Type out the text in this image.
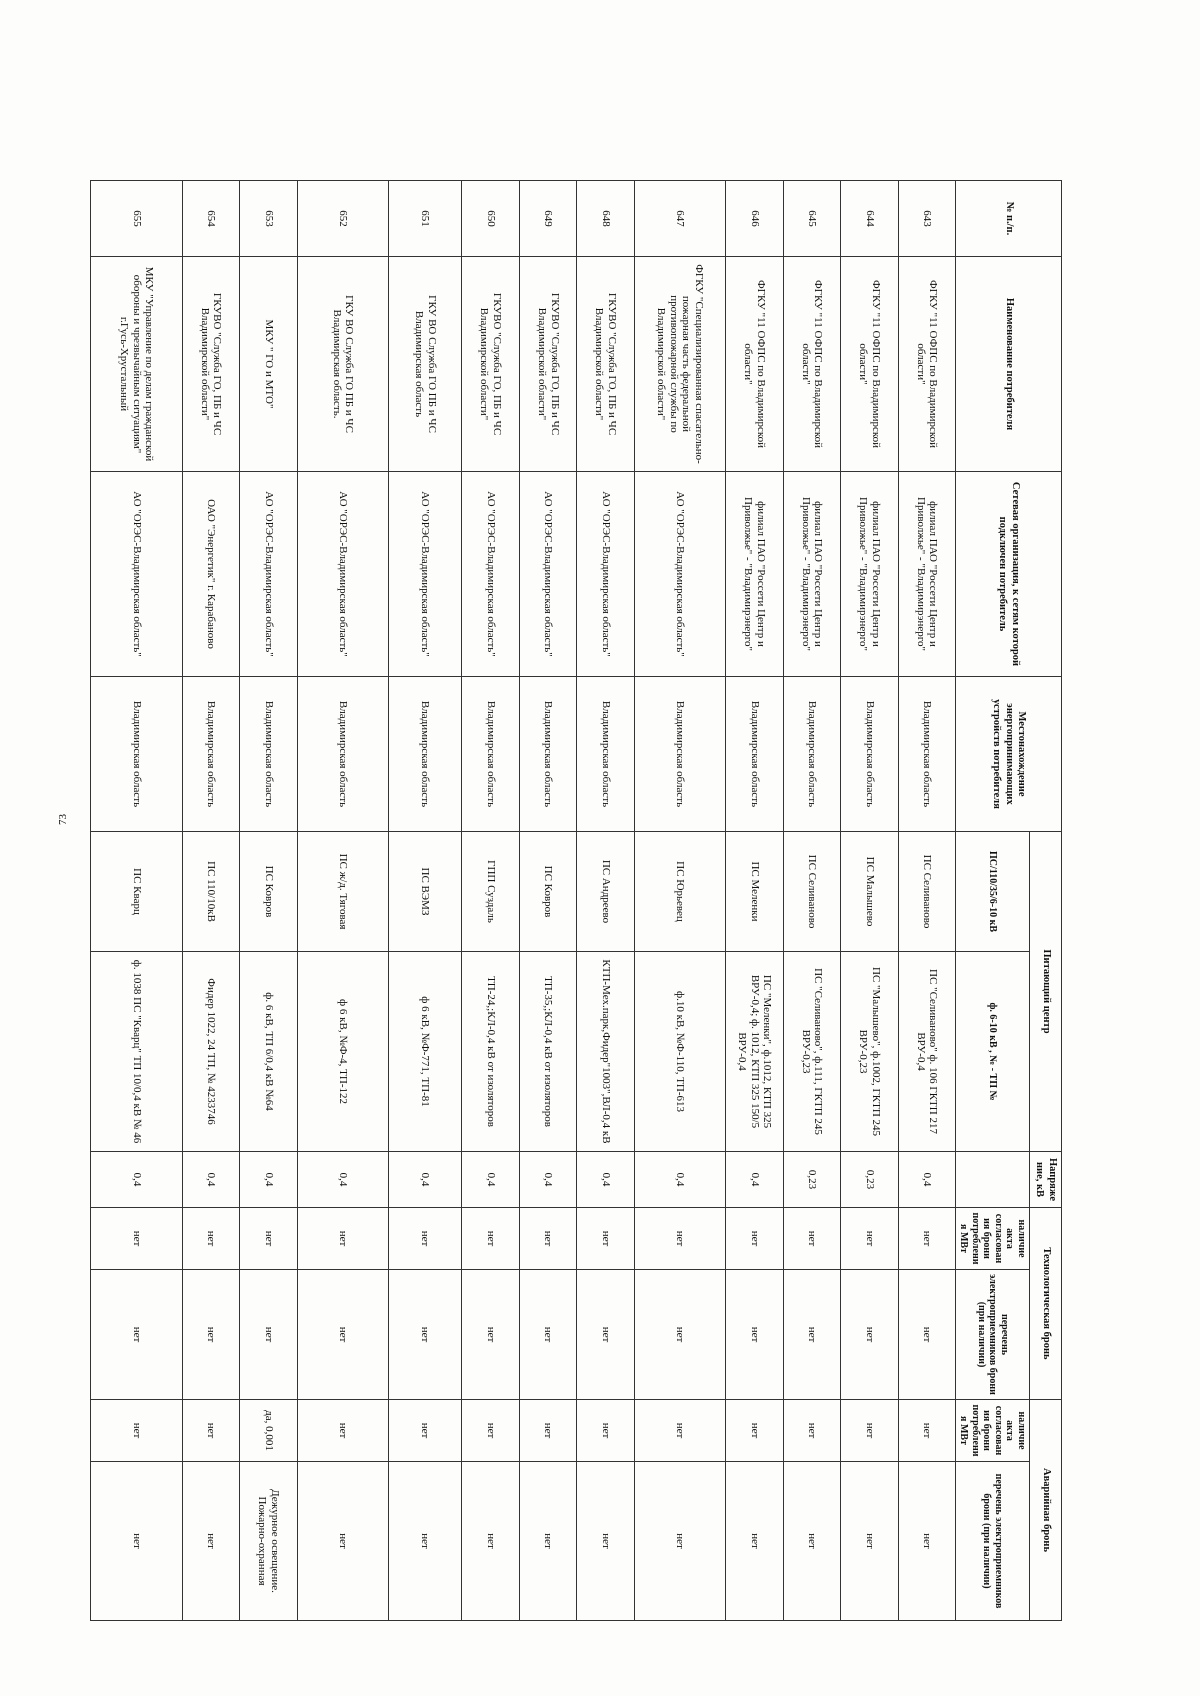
73
№ п./п.	Наименование потребителя	Сетевая организация, к сетям которой подключен потребитель	Местонахождение энергопринимающих устройств потребителя	Питающий центр		Напряжение, кВ	Технологическая бронь		Аварийная бронь	
				ПС/110/35/6-10 кВ	ф. 6-10 кВ , № - ТП №		наличие акта согласования брони потребления МВт	перечень электроприемников брони (при наличии)	наличие акта согласования брони потребления МВт	перечень электроприемников брони (при наличии)
643	ФГКУ "11 ОФПС по Владимирской области"	филиал ПАО "Россети Центр и Приволжье" - "Владимирэнерго"	Владимирская область	ПС Селиваново	ПС "Селиваново" ф. 106 ГКТП 217 ВРУ-0,4	0,4	нет	нет	нет	нет
644	ФГКУ "11 ОФПС по Владимирской области"	филиал ПАО "Россети Центр и Приволжье" - "Владимирэнерго"	Владимирская область	ПС Малышево	ПС "Малышево", ф.1002, ГКТП 245 ВРУ-0,23	0,23	нет	нет	нет	нет
645	ФГКУ "11 ОФПС по Владимирской области"	филиал ПАО "Россети Центр и Приволжье" - "Владимирэнерго"	Владимирская область	ПС Селиваново	ПС "Селиваново", ф.111, ГКТП 245 ВРУ-0,23	0,23	нет	нет	нет	нет
646	ФГКУ "11 ОФПС по Владимирской области"	филиал ПАО "Россети Центр и Приволжье" - "Владимирэнерго"	Владимирская область	ПС Меленки	ПС "Меленки", ф.1012, КТП 325 ВРУ-0,4; ф. 1012, КТП 325 150/5 ВРУ-0,4	0,4	нет	нет	нет	нет
647	ФГКУ "Специализированная спасательно-пожарная часть федеральной противопожарной службы по Владимирской области"	АО "ОРЭС-Владимирская область"	Владимирская область	ПС Юрьевец	ф.10 кВ, №Ф-110, ТП-613	0,4	нет	нет	нет	нет
648	ГКУВО "Служба ГО, ПБ и ЧС Владимирской области"	АО "ОРЭС-Владимирская область"	Владимирская область	ПС Андреево	КТП-Мех.парк,Фидер"1003",ВЛ-0,4 кВ	0,4	нет	нет	нет	нет
649	ГКУВО "Служба ГО, ПБ и ЧС Владимирской области"	АО "ОРЭС-Владимирская область"	Владимирская область	ПС Ковров	ТП-35,;КЛ-0,4 кВ от изоляторов	0,4	нет	нет	нет	нет
650	ГКУВО "Служба ГО, ПБ и ЧС Владимирской области"	АО "ОРЭС-Владимирская область"	Владимирская область	ГПП Суздаль	ТП-24,;КЛ-0,4 кВ от изоляторов	0,4	нет	нет	нет	нет
651	ГКУ ВО Служба ГО ПБ и ЧС Владимирская область	АО "ОРЭС-Владимирская область"	Владимирская область	ПС ВЭМЗ	ф 6 кВ, №Ф-771, ТП-81	0,4	нет	нет	нет	нет
652	ГКУ ВО Служба ГО ПБ и ЧС Владимирская область.	АО "ОРЭС-Владимирская область"	Владимирская область	ПС ж/д. Тяговая	ф 6 кВ, №Ф-4, ТП-122	0,4	нет	нет	нет	нет
653	МКУ " ГО и МТО"	АО "ОРЭС-Владимирская область"	Владимирская область	ПС Ковров	ф. 6 кВ, ТП 6/0,4 кВ №64	0,4	нет	нет	да, 0,001	Дежурное освещение. Пожарно-охранная
654	ГКУВО "Служба ГО, ПБ и ЧС Владимирской области"	ОАО "Энергетик" г. Карабаново	Владимирская область	ПС 110/10кВ	Фидер 1022, 24 ТП, № 4233746	0,4	нет	нет	нет	нет
655	МКУ "Управление по делам гражданской обороны и чрезвычайным ситуациям" г.Гусь-Хрустальный	АО "ОРЭС-Владимирская область"	Владимирская область	ПС Кварц	ф. 1038 ПС "Кварц" ТП 10/0,4 кВ № 46	0,4	нет	нет	нет	нет
